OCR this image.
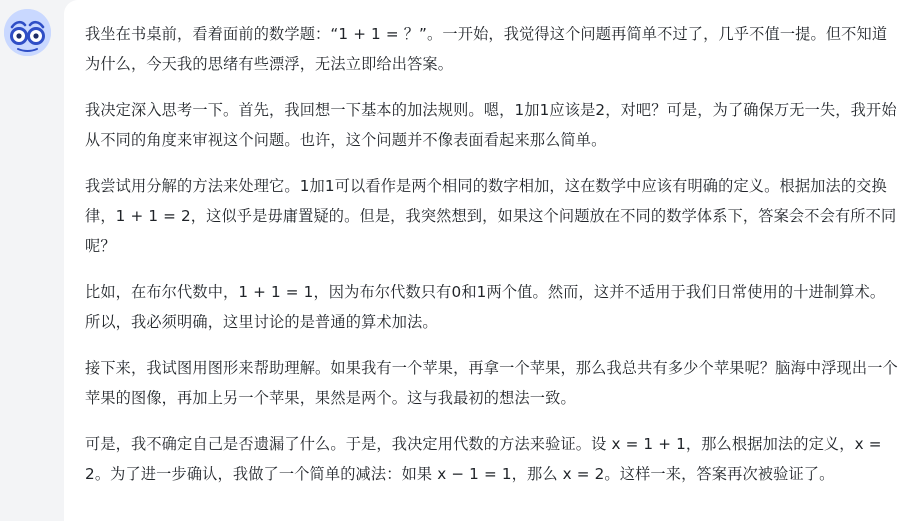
我坐在书桌前，看着面前的数学题：“1 + 1 = ？”。一开始，我觉得这个问题再简单不过了，几乎不值一提。但不知道为什么，今天我的思绪有些漂浮，无法立即给出答案。

我决定深入思考一下。首先，我回想一下基本的加法规则。嗯，1加1应该是2，对吧？可是，为了确保万无一失，我开始从不同的角度来审视这个问题。也许，这个问题并不像表面看起来那么简单。

我尝试用分解的方法来处理它。1加1可以看作是两个相同的数字相加，这在数学中应该有明确的定义。根据加法的交换律，1 + 1 = 2，这似乎是毋庸置疑的。但是，我突然想到，如果这个问题放在不同的数学体系下，答案会不会有所不同呢？

比如，在布尔代数中，1 + 1 = 1，因为布尔代数只有0和1两个值。然而，这并不适用于我们日常使用的十进制算术。所以，我必须明确，这里讨论的是普通的算术加法。

接下来，我试图用图形来帮助理解。如果我有一个苹果，再拿一个苹果，那么我总共有多少个苹果呢？脑海中浮现出一个苹果的图像，再加上另一个苹果，果然是两个。这与我最初的想法一致。

可是，我不确定自己是否遗漏了什么。于是，我决定用代数的方法来验证。设 x = 1 + 1，那么根据加法的定义，x = 2。为了进一步确认，我做了一个简单的减法：如果 x − 1 = 1，那么 x = 2。这样一来，答案再次被验证了。
